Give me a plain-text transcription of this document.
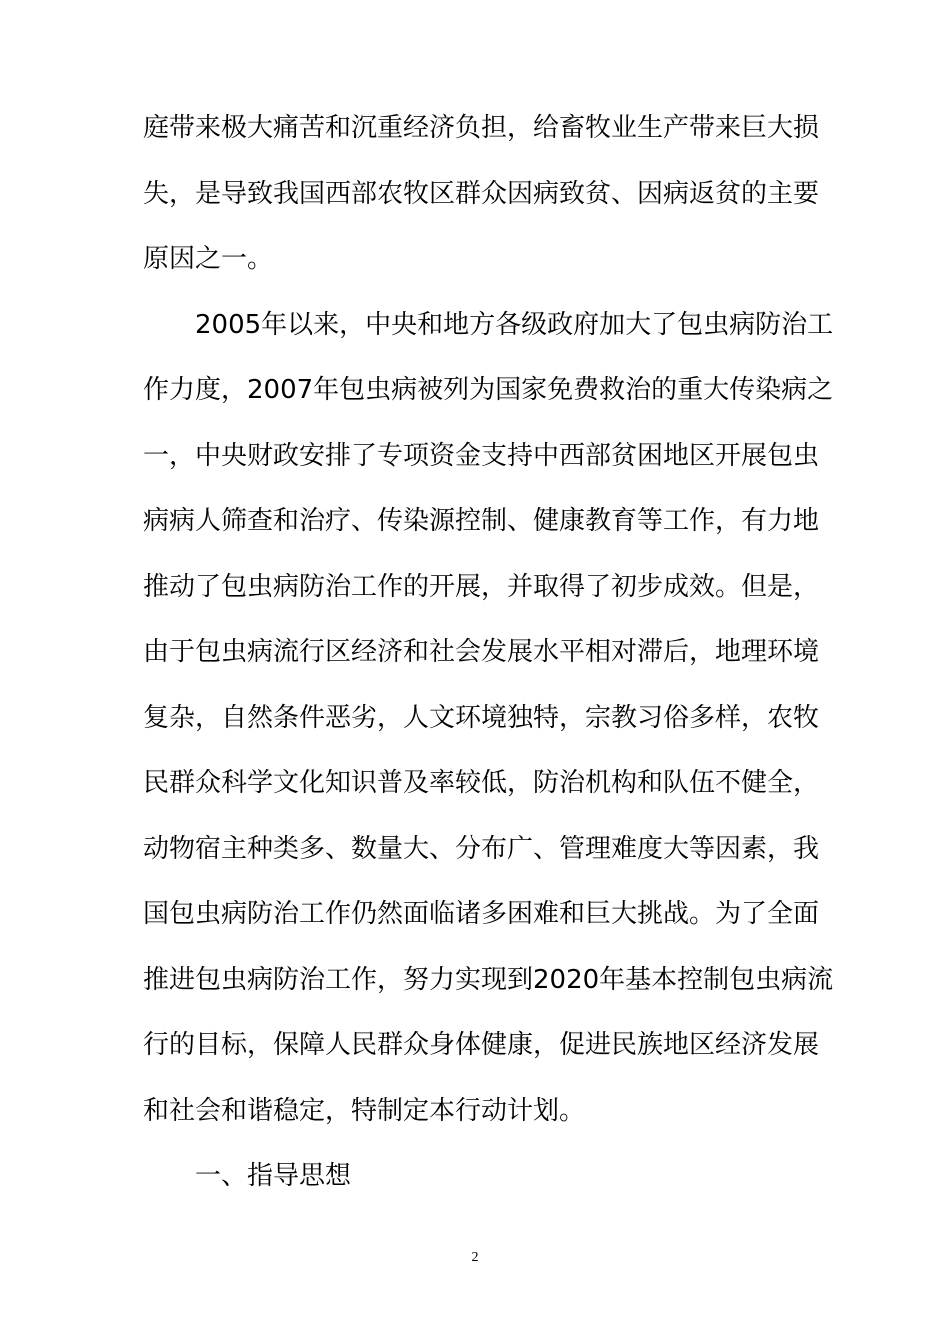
庭带来极大痛苦和沉重经济负担，给畜牧业生产带来巨大损
失，是导致我国西部农牧区群众因病致贫、因病返贫的主要
原因之一。
2005年以来，中央和地方各级政府加大了包虫病防治工
作力度，2007年包虫病被列为国家免费救治的重大传染病之
一，中央财政安排了专项资金支持中西部贫困地区开展包虫
病病人筛查和治疗、传染源控制、健康教育等工作，有力地
推动了包虫病防治工作的开展，并取得了初步成效。但是，
由于包虫病流行区经济和社会发展水平相对滞后，地理环境
复杂，自然条件恶劣，人文环境独特，宗教习俗多样，农牧
民群众科学文化知识普及率较低，防治机构和队伍不健全，
动物宿主种类多、数量大、分布广、管理难度大等因素，我
国包虫病防治工作仍然面临诸多困难和巨大挑战。为了全面
推进包虫病防治工作，努力实现到2020年基本控制包虫病流
行的目标，保障人民群众身体健康，促进民族地区经济发展
和社会和谐稳定，特制定本行动计划。
一、指导思想
2
